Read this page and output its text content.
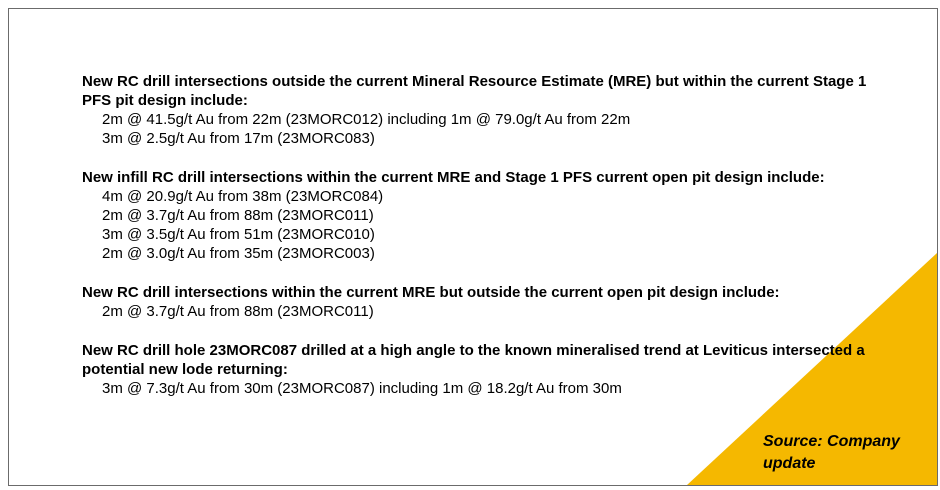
New RC drill intersections outside the current Mineral Resource Estimate (MRE) but within the current Stage 1 PFS pit design include:
2m @ 41.5g/t Au from 22m (23MORC012) including 1m @ 79.0g/t Au from 22m
3m @ 2.5g/t Au from 17m (23MORC083)
New infill RC drill intersections within the current MRE and Stage 1 PFS current open pit design include:
4m @ 20.9g/t Au from 38m (23MORC084)
2m @ 3.7g/t Au from 88m (23MORC011)
3m @ 3.5g/t Au from 51m (23MORC010)
2m @ 3.0g/t Au from 35m (23MORC003)
New RC drill intersections within the current MRE but outside the current open pit design include:
2m @ 3.7g/t Au from 88m (23MORC011)
New RC drill hole 23MORC087 drilled at a high angle to the known mineralised trend at Leviticus intersected a potential new lode returning:
3m @ 7.3g/t Au from 30m (23MORC087) including 1m @ 18.2g/t Au from 30m
Source: Company update
